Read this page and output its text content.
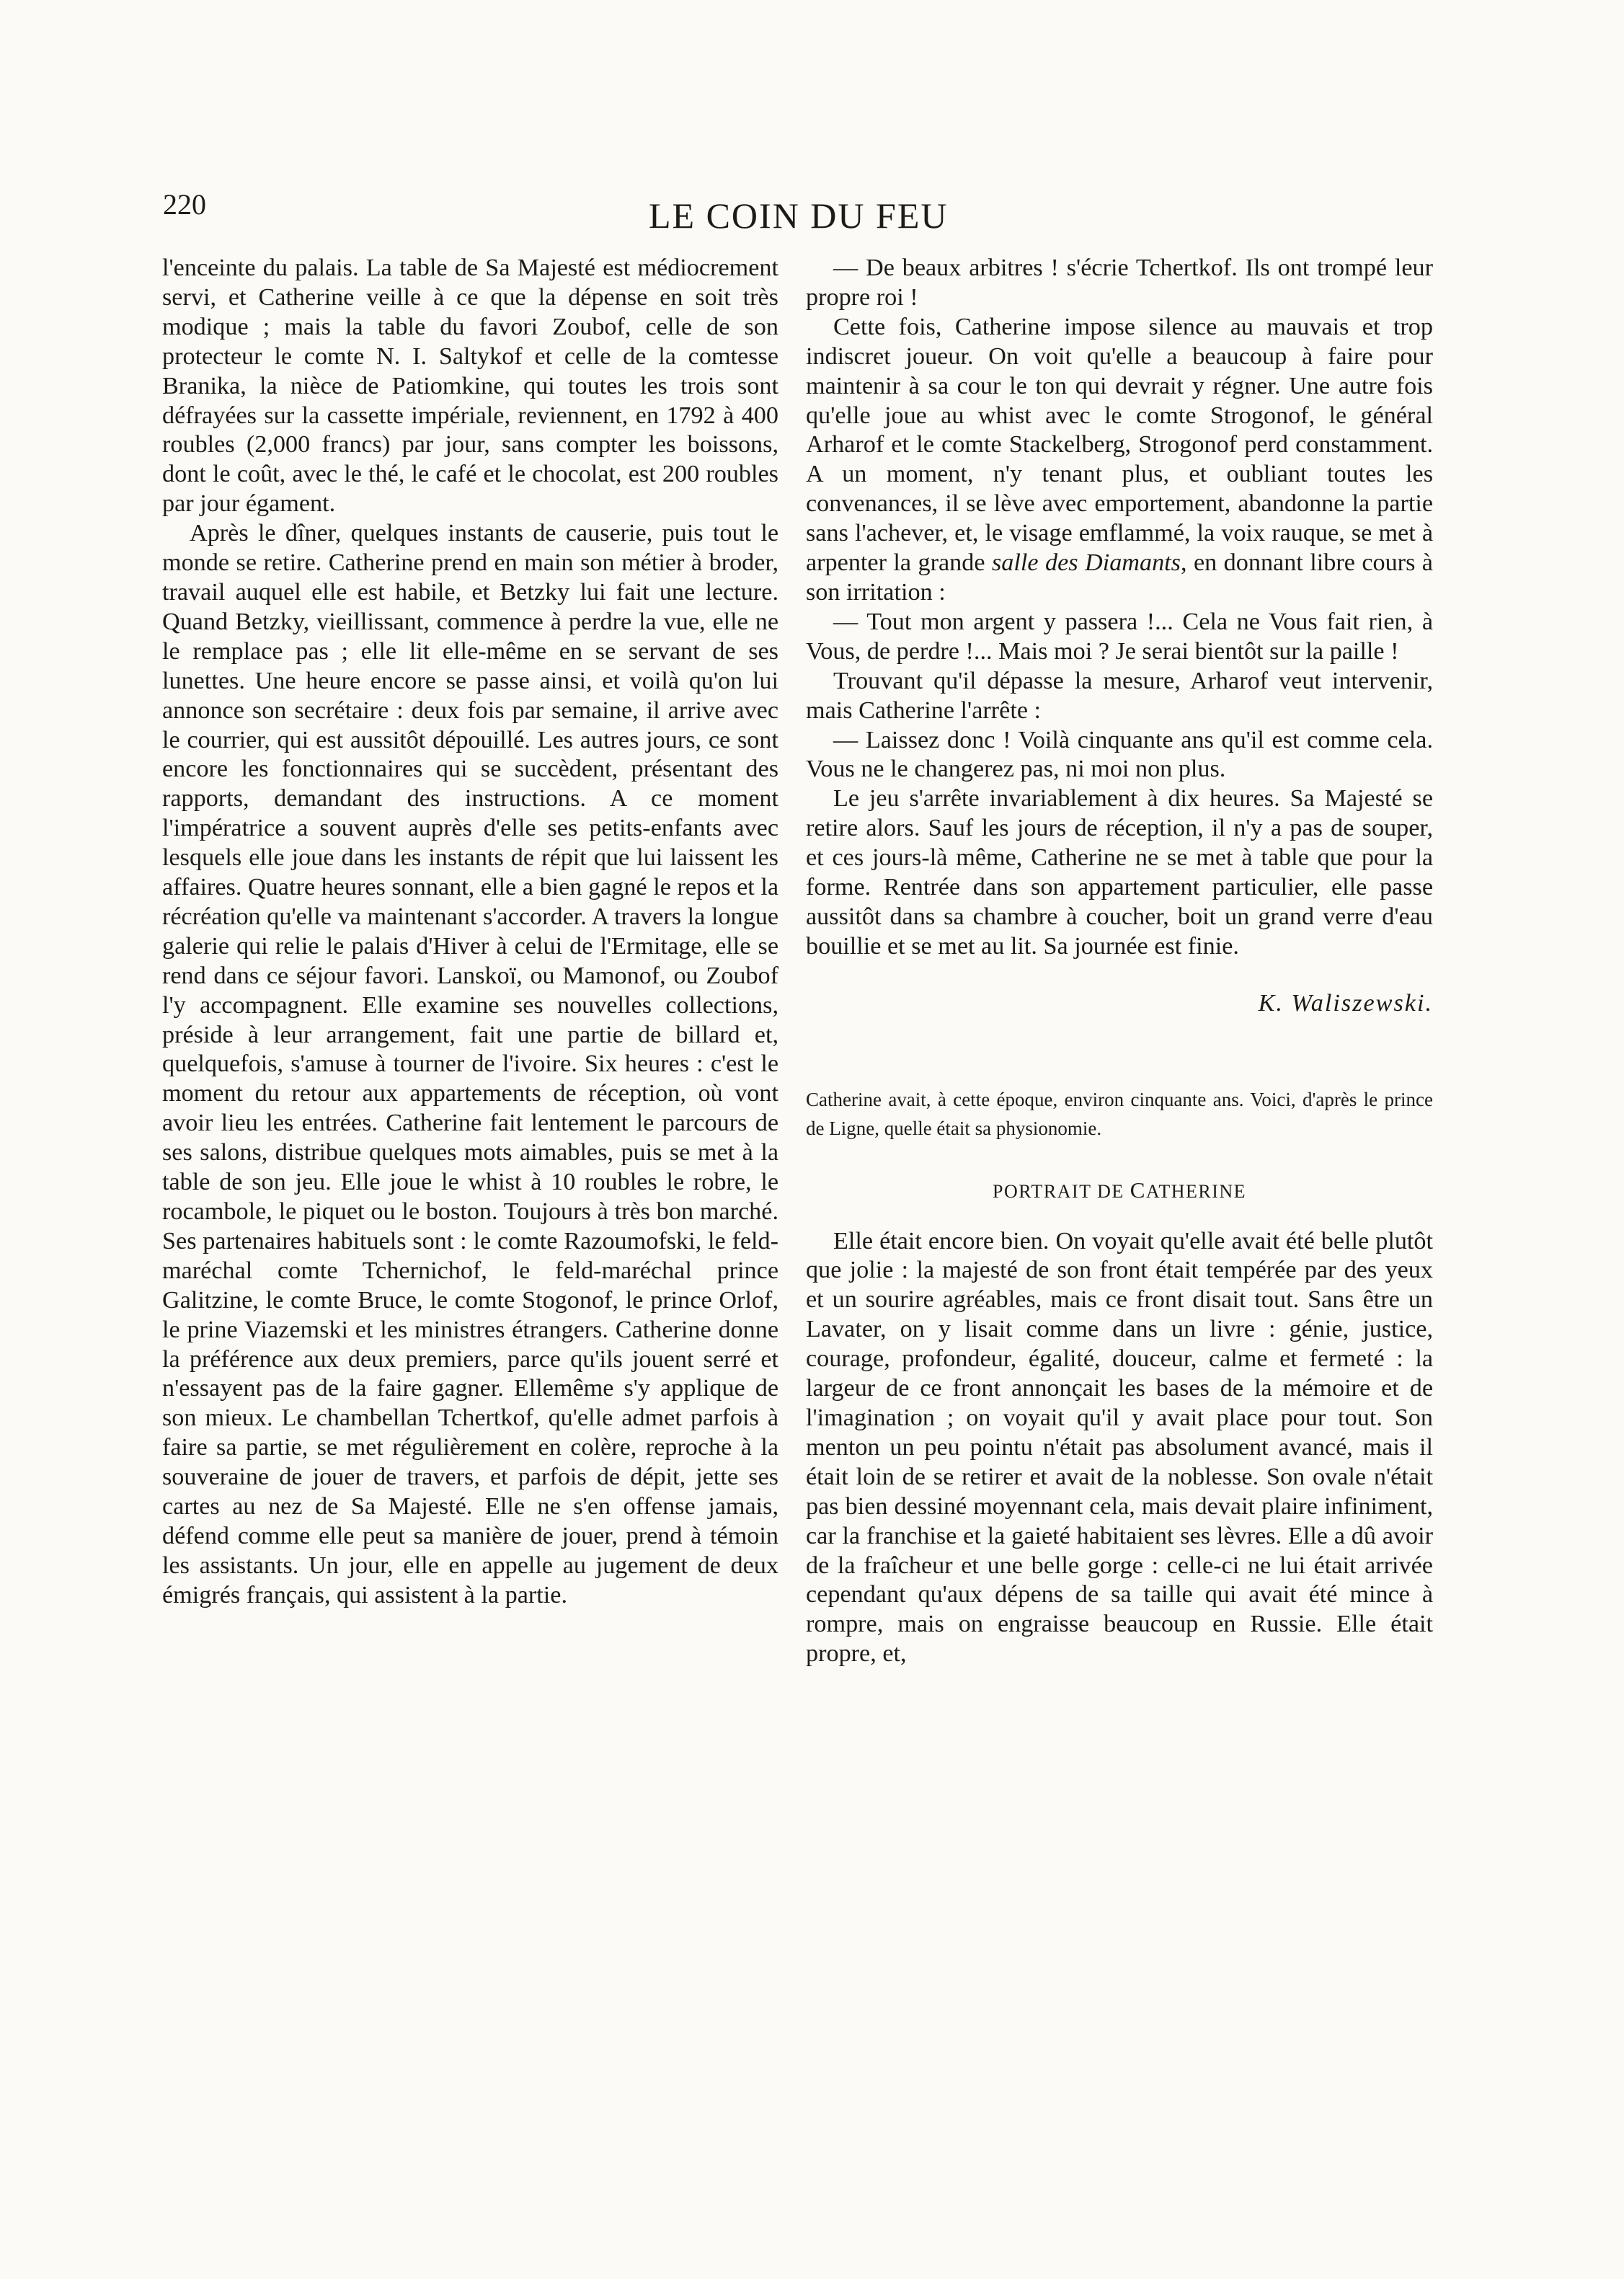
220	LE COIN DU FEU

l'enceinte du palais. La table de Sa Majesté est médiocrement servi, et Catherine veille à ce que la dépense en soit très modique ; mais la table du favori Zoubof, celle de son protecteur le comte N. I. Saltykof et celle de la comtesse Branika, la nièce de Patiomkine, qui toutes les trois sont défrayées sur la cassette impériale, reviennent, en 1792 à 400 roubles (2,000 francs) par jour, sans compter les boissons, dont le coût, avec le thé, le café et le chocolat, est 200 roubles par jour égament.

Après le dîner, quelques instants de causerie, puis tout le monde se retire. Catherine prend en main son métier à broder, travail auquel elle est habile, et Betzky lui fait une lecture. Quand Betzky, vieillissant, commence à perdre la vue, elle ne le remplace pas ; elle lit elle-même en se servant de ses lunettes. Une heure encore se passe ainsi, et voilà qu'on lui annonce son secrétaire : deux fois par semaine, il arrive avec le courrier, qui est aussitôt dépouillé. Les autres jours, ce sont encore les fonctionnaires qui se succèdent, présentant des rapports, demandant des instructions. A ce moment l'impératrice a souvent auprès d'elle ses petits-enfants avec lesquels elle joue dans les instants de répit que lui laissent les affaires. Quatre heures sonnant, elle a bien gagné le repos et la récréation qu'elle va maintenant s'accorder. A travers la longue galerie qui relie le palais d'Hiver à celui de l'Ermitage, elle se rend dans ce séjour favori. Lanskoï, ou Mamonof, ou Zoubof l'y accompagnent. Elle examine ses nouvelles collections, préside à leur arrangement, fait une partie de billard et, quelquefois, s'amuse à tourner de l'ivoire. Six heures : c'est le moment du retour aux appartements de réception, où vont avoir lieu les entrées. Catherine fait lentement le parcours de ses salons, distribue quelques mots aimables, puis se met à la table de son jeu. Elle joue le whist à 10 roubles le robre, le rocambole, le piquet ou le boston. Toujours à très bon marché. Ses partenaires habituels sont : le comte Razoumofski, le feld-maréchal comte Tchernichof, le feld-maréchal prince Galitzine, le comte Bruce, le comte Stogonof, le prince Orlof, le prine Viazemski et les ministres étrangers. Catherine donne la préférence aux deux premiers, parce qu'ils jouent serré et n'essayent pas de la faire gagner. Ellemême s'y applique de son mieux. Le chambellan Tchertkof, qu'elle admet parfois à faire sa partie, se met régulièrement en colère, reproche à la souveraine de jouer de travers, et parfois de dépit, jette ses cartes au nez de Sa Majesté. Elle ne s'en offense jamais, défend comme elle peut sa manière de jouer, prend à témoin les assistants. Un jour, elle en appelle au jugement de deux émigrés français, qui assistent à la partie.

— De beaux arbitres ! s'écrie Tchertkof. Ils ont trompé leur propre roi !

Cette fois, Catherine impose silence au mauvais et trop indiscret joueur. On voit qu'elle a beaucoup à faire pour maintenir à sa cour le ton qui devrait y régner. Une autre fois qu'elle joue au whist avec le comte Strogonof, le général Arharof et le comte Stackelberg, Strogonof perd constamment. A un moment, n'y tenant plus, et oubliant toutes les convenances, il se lève avec emportement, abandonne la partie sans l'achever, et, le visage emflammé, la voix rauque, se met à arpenter la grande salle des Diamants, en donnant libre cours à son irritation :

— Tout mon argent y passera !... Cela ne Vous fait rien, à Vous, de perdre !... Mais moi ? Je serai bientôt sur la paille !

Trouvant qu'il dépasse la mesure, Arharof veut intervenir, mais Catherine l'arrête :

— Laissez donc ! Voilà cinquante ans qu'il est comme cela. Vous ne le changerez pas, ni moi non plus.

Le jeu s'arrête invariablement à dix heures. Sa Majesté se retire alors. Sauf les jours de réception, il n'y a pas de souper, et ces jours-là même, Catherine ne se met à table que pour la forme. Rentrée dans son appartement particulier, elle passe aussitôt dans sa chambre à coucher, boit un grand verre d'eau bouillie et se met au lit. Sa journée est finie.

K. Waliszewski.

Catherine avait, à cette époque, environ cinquante ans. Voici, d'après le prince de Ligne, quelle était sa physionomie.

PORTRAIT DE CATHERINE

Elle était encore bien. On voyait qu'elle avait été belle plutôt que jolie : la majesté de son front était tempérée par des yeux et un sourire agréables, mais ce front disait tout. Sans être un Lavater, on y lisait comme dans un livre : génie, justice, courage, profondeur, égalité, douceur, calme et fermeté : la largeur de ce front annonçait les bases de la mémoire et de l'imagination ; on voyait qu'il y avait place pour tout. Son menton un peu pointu n'était pas absolument avancé, mais il était loin de se retirer et avait de la noblesse. Son ovale n'était pas bien dessiné moyennant cela, mais devait plaire infiniment, car la franchise et la gaieté habitaient ses lèvres. Elle a dû avoir de la fraîcheur et une belle gorge : celle-ci ne lui était arrivée cependant qu'aux dépens de sa taille qui avait été mince à rompre, mais on engraisse beaucoup en Russie. Elle était propre, et,
